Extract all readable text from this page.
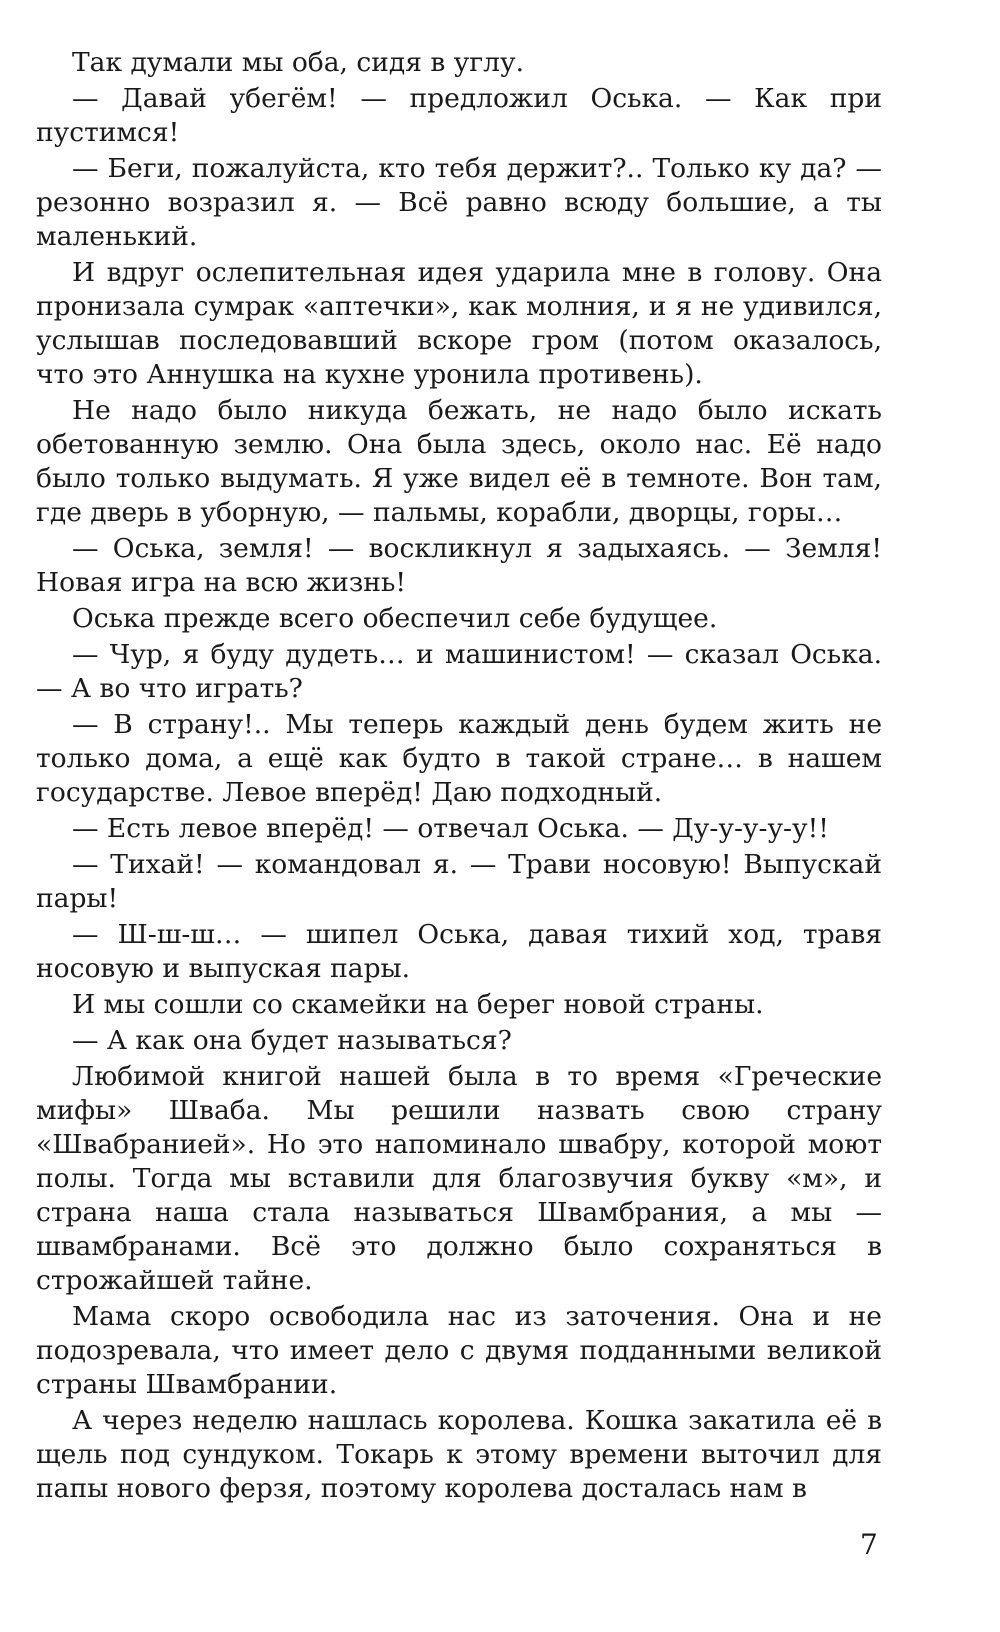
Так думали мы оба, сидя в углу.

— Давай убегём! — предложил Оська. — Как при пустимся!

— Беги, пожалуйста, кто тебя держит?.. Только ку да? — резонно возразил я. — Всё равно всюду большие, а ты маленький.

И вдруг ослепительная идея ударила мне в голову. Она пронизала сумрак «аптечки», как молния, и я не удивился, услышав последовавший вскоре гром (потом оказалось, что это Аннушка на кухне уронила противень).

Не надо было никуда бежать, не надо было искать обетованную землю. Она была здесь, около нас. Её надо было только выдумать. Я уже видел её в темноте. Вон там, где дверь в уборную, — пальмы, корабли, дворцы, горы…

— Оська, земля! — воскликнул я задыхаясь. — Земля! Новая игра на всю жизнь!

Оська прежде всего обеспечил себе будущее.

— Чур, я буду дудеть… и машинистом! — сказал Оська. — А во что играть?

— В страну!.. Мы теперь каждый день будем жить не только дома, а ещё как будто в такой стране… в нашем государстве. Левое вперёд! Даю подходный.

— Есть левое вперёд! — отвечал Оська. — Ду-у-у-у-у!!

— Тихай! — командовал я. — Трави носовую! Выпускай пары!

— Ш-ш-ш… — шипел Оська, давая тихий ход, травя носовую и выпуская пары.

И мы сошли со скамейки на берег новой страны.

— А как она будет называться?

Любимой книгой нашей была в то время «Греческие мифы» Шваба. Мы решили назвать свою страну «Швабранией». Но это напоминало швабру, которой моют полы. Тогда мы вставили для благозвучия букву «м», и страна наша стала называться Швамбрания, а мы — швамбранами. Всё это должно было сохраняться в строжайшей тайне.

Мама скоро освободила нас из заточения. Она и не подозревала, что имеет дело с двумя подданными великой страны Швамбрании.

А через неделю нашлась королева. Кошка закатила её в щель под сундуком. Токарь к этому времени выточил для папы нового ферзя, поэтому королева досталась нам в

7
